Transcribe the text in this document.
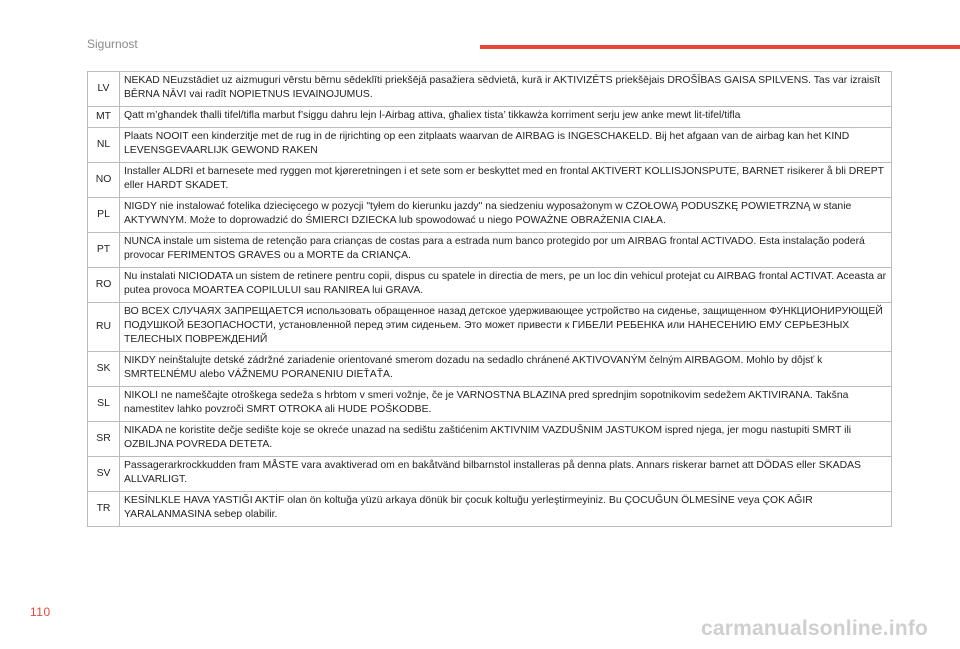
Sigurnost
LV	NEKAD NEuzstādiet uz aizmuguri vērstu bērnu sēdeklīti priekšējā pasažiera sēdvietā, kurā ir AKTIVIZĒTS priekšējais DROŠĪBAS GAISA SPILVENS. Tas var izraisīt BĒRNA NĀVI vai radīt NOPIETNUS IEVAINOJUMUS.
MT	Qatt m’għandek tħalli tifel/tifla marbut f’siggu dahru lejn l-Airbag attiva, għaliex tista’ tikkawża korriment serju jew anke mewt lit-tifel/tifla
NL	Plaats NOOIT een kinderzitje met de rug in de rijrichting op een zitplaats waarvan de AIRBAG is INGESCHAKELD. Bij het afgaan van de airbag kan het KIND LEVENSGEVAARLIJK GEWOND RAKEN
NO	Installer ALDRI et barnesete med ryggen mot kjøreretningen i et sete som er beskyttet med en frontal AKTIVERT KOLLISJONSPUTE, BARNET risikerer å bli DREPT eller HARDT SKADET.
PL	NIGDY nie instalować fotelika dziecięcego w pozycji "tyłem do kierunku jazdy" na siedzeniu wyposażonym w CZOŁOWĄ PODUSZKĘ POWIETRZNĄ w stanie AKTYWNYM. Może to doprowadzić do ŚMIERCI DZIECKA lub spowodować u niego POWAŻNE OBRAŻENIA CIAŁA.
PT	NUNCA instale um sistema de retenção para crianças de costas para a estrada num banco protegido por um AIRBAG frontal ACTIVADO. Esta instalação poderá provocar FERIMENTOS GRAVES ou a MORTE da CRIANÇA.
RO	Nu instalati NICIODATA un sistem de retinere pentru copii, dispus cu spatele in directia de mers, pe un loc din vehicul protejat cu AIRBAG frontal ACTIVAT. Aceasta ar putea provoca MOARTEA COPILULUI sau RANIREA lui GRAVA.
RU	ВО ВСЕХ СЛУЧАЯХ ЗАПРЕЩАЕТСЯ использовать обращенное назад детское удерживающее устройство на сиденье, защищенном ФУНКЦИОНИРУЮЩЕЙ ПОДУШКОЙ БЕЗОПАСНОСТИ, установленной перед этим сиденьем. Это может привести к ГИБЕЛИ РЕБЕНКА или НАНЕСЕНИЮ ЕМУ СЕРЬЕЗНЫХ ТЕЛЕСНЫХ ПОВРЕЖДЕНИЙ
SK	NIKDY neinštalujte detské zádržné zariadenie orientované smerom dozadu na sedadlo chránené AKTIVOVANÝM čelným AIRBAGOM. Mohlo by dôjsť k SMRTEĽNÉMU alebo VÁŽNEMU PORANENIU DIEŤAŤA.
SL	NIKOLI ne nameščajte otroškega sedeža s hrbtom v smeri vožnje, če je VARNOSTNA BLAZINA pred sprednjim sopotnikovim sedežem AKTIVIRANA. Takšna namestitev lahko povzroči SMRT OTROKA ali HUDE POŠKODBE.
SR	NIKADA ne koristite dečje sedište koje se okreće unazad na sedištu zaštićenim AKTIVNIM VAZDUŠNIM JASTUKOM ispred njega, jer mogu nastupiti SMRT ili OZBILJNA POVREDA DETETA.
SV	Passagerarkrockkudden fram MÅSTE vara avaktiverad om en bakåtvänd bilbarnstol installeras på denna plats. Annars riskerar barnet att DÖDAS eller SKADAS ALLVARLIGT.
TR	KESİNLKLE HAVA YASTIĞI AKTİF olan ön koltuğa yüzü arkaya dönük bir çocuk koltuğu yerleştirmeyiniz. Bu ÇOCUĞUN ÖLMESİNE veya ÇOK AĞIR YARALANMASINA sebep olabilir.
110
carmanualsonline.info
